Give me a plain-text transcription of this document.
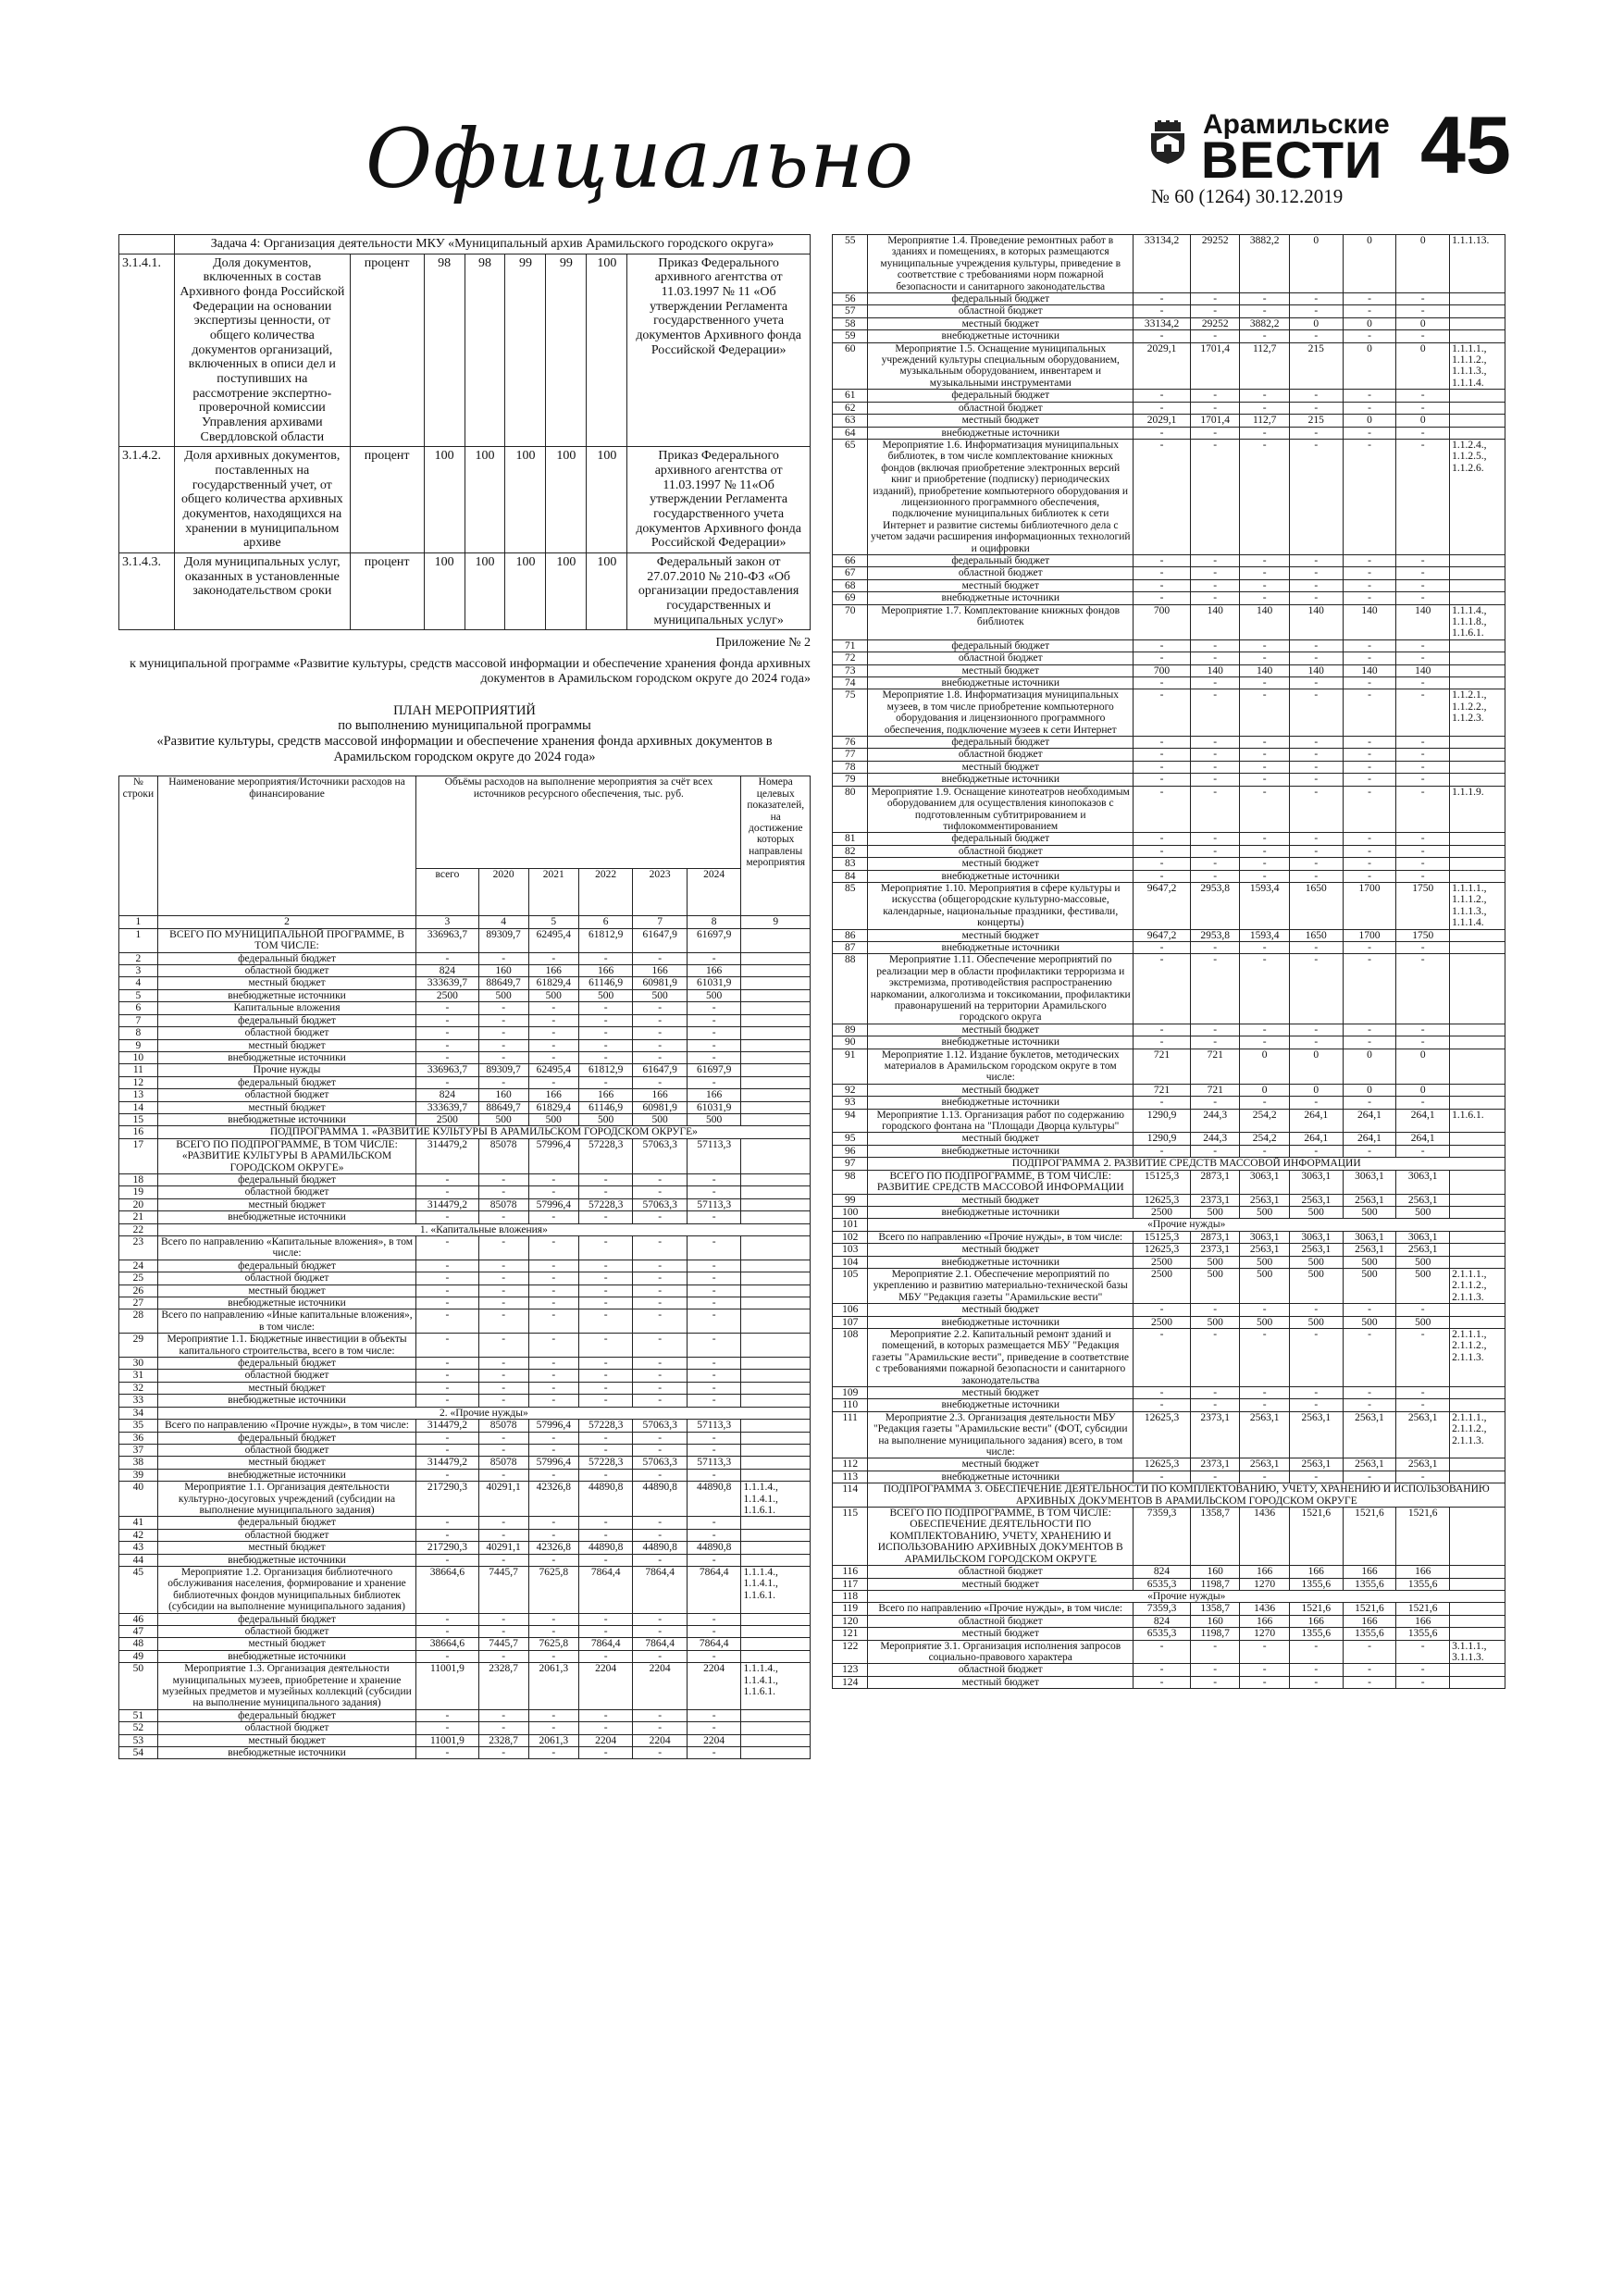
Официально	Арамильские
ВЕСТИ
№ 60 (1264) 30.12.2019
45
	Задача 4: Организация деятельности МКУ «Муниципальный архив Арамильского городского округа»							
3.1.4.1.	Доля документов, включенных в состав Архивного фонда Российской Федерации на основании экспертизы ценности, от общего количества документов организаций, включенных в описи дел и поступивших на рассмотрение экспертно-проверочной комиссии Управления архивами Свердловской области	процент	98	98	99	99	100	Приказ Федерального архивного агентства от 11.03.1997 № 11 «Об утверждении Регламента государственного учета документов Архивного фонда Российской Федерации»
3.1.4.2.	Доля архивных документов, поставленных на государственный учет, от общего количества архивных документов, находящихся на хранении в муниципальном архиве	процент	100	100	100	100	100	Приказ Федерального архивного агентства от 11.03.1997 № 11«Об утверждении Регламента государственного учета документов Архивного фонда Российской Федерации»
3.1.4.3.	Доля муниципальных услуг, оказанных в установленные законодательством сроки	процент	100	100	100	100	100	Федеральный закон от 27.07.2010 № 210-ФЗ «Об организации предоставления государственных и муниципальных услуг»
Приложение № 2
к муниципальной программе «Развитие культуры, средств массовой информации и обеспечение хранения фонда архивных документов в Арамильском городском округе до 2024 года»
ПЛАН МЕРОПРИЯТИЙ
по выполнению муниципальной программы
«Развитие культуры, средств массовой информации и обеспечение хранения фонда архивных документов в Арамильском городском округе до 2024 года»
№ строки	Наименование мероприятия/Источники расходов на финансирование	Объёмы расходов на выполнение мероприятия за счёт всех источников ресурсного обеспечения, тыс. руб.						Номера целевых показателей, на достижение которых направлены мероприятия
		всего	2020	2021	2022	2023	2024	
1	2	3	4	5	6	7	8	9
1	ВСЕГО ПО МУНИЦИПАЛЬНОЙ ПРОГРАММЕ, В ТОМ ЧИСЛЕ:	336963,7	89309,7	62495,4	61812,9	61647,9	61697,9	
2	федеральный бюджет	-	-	-	-	-	-	
3	областной бюджет	824	160	166	166	166	166	
4	местный бюджет	333639,7	88649,7	61829,4	61146,9	60981,9	61031,9	
5	внебюджетные источники	2500	500	500	500	500	500	
6	Капитальные вложения	-	-	-	-	-	-	
7	федеральный бюджет	-	-	-	-	-	-	
8	областной бюджет	-	-	-	-	-	-	
9	местный бюджет	-	-	-	-	-	-	
10	внебюджетные источники	-	-	-	-	-	-	
11	Прочие нужды	336963,7	89309,7	62495,4	61812,9	61647,9	61697,9	
12	федеральный бюджет	-	-	-	-	-	-	
13	областной бюджет	824	160	166	166	166	166	
14	местный бюджет	333639,7	88649,7	61829,4	61146,9	60981,9	61031,9	
15	внебюджетные источники	2500	500	500	500	500	500	
16	ПОДПРОГРАММА 1. «РАЗВИТИЕ КУЛЬТУРЫ В АРАМИЛЬСКОМ ГОРОДСКОМ ОКРУГЕ»							
17	ВСЕГО ПО ПОДПРОГРАММЕ, В ТОМ ЧИСЛЕ: «РАЗВИТИЕ КУЛЬТУРЫ В АРАМИЛЬСКОМ ГОРОДСКОМ ОКРУГЕ»	314479,2	85078	57996,4	57228,3	57063,3	57113,3	
18	федеральный бюджет	-	-	-	-	-	-	
19	областной бюджет	-	-	-	-	-	-	
20	местный бюджет	314479,2	85078	57996,4	57228,3	57063,3	57113,3	
21	внебюджетные источники	-	-	-	-	-	-	
22	1. «Капитальные вложения»							
23	Всего по направлению «Капитальные вложения», в том числе:	-	-	-	-	-	-	
24	федеральный бюджет	-	-	-	-	-	-	
25	областной бюджет	-	-	-	-	-	-	
26	местный бюджет	-	-	-	-	-	-	
27	внебюджетные источники	-	-	-	-	-	-	
28	Всего по направлению «Иные капитальные вложения», в том числе:	-	-	-	-	-	-	
29	Мероприятие 1.1. Бюджетные инвестиции в объекты капитального строительства, всего в том числе:	-	-	-	-	-	-	
30	федеральный бюджет	-	-	-	-	-	-	
31	областной бюджет	-	-	-	-	-	-	
32	местный бюджет	-	-	-	-	-	-	
33	внебюджетные источники	-	-	-	-	-	-	
34	2. «Прочие нужды»							
35	Всего по направлению «Прочие нужды», в том числе:	314479,2	85078	57996,4	57228,3	57063,3	57113,3	
36	федеральный бюджет	-	-	-	-	-	-	
37	областной бюджет	-	-	-	-	-	-	
38	местный бюджет	314479,2	85078	57996,4	57228,3	57063,3	57113,3	
39	внебюджетные источники	-	-	-	-	-	-	
40	Мероприятие 1.1. Организация деятельности культурно-досуговых учреждений (субсидии на выполнение муниципального задания)	217290,3	40291,1	42326,8	44890,8	44890,8	44890,8	1.1.1.4., 1.1.4.1., 1.1.6.1.
41	федеральный бюджет	-	-	-	-	-	-	
42	областной бюджет	-	-	-	-	-	-	
43	местный бюджет	217290,3	40291,1	42326,8	44890,8	44890,8	44890,8	
44	внебюджетные источники	-	-	-	-	-	-	
45	Мероприятие 1.2. Организация библиотечного обслуживания населения, формирование и хранение библиотечных фондов муниципальных библиотек (субсидии на выполнение муниципального задания)	38664,6	7445,7	7625,8	7864,4	7864,4	7864,4	1.1.1.4., 1.1.4.1., 1.1.6.1.
46	федеральный бюджет	-	-	-	-	-	-	
47	областной бюджет	-	-	-	-	-	-	
48	местный бюджет	38664,6	7445,7	7625,8	7864,4	7864,4	7864,4	
49	внебюджетные источники	-	-	-	-	-	-	
50	Мероприятие 1.3. Организация деятельности муниципальных музеев, приобретение и хранение музейных предметов и музейных коллекций (субсидии на выполнение муниципального задания)	11001,9	2328,7	2061,3	2204	2204	2204	1.1.1.4., 1.1.4.1., 1.1.6.1.
51	федеральный бюджет	-	-	-	-	-	-	
52	областной бюджет	-	-	-	-	-	-	
53	местный бюджет	11001,9	2328,7	2061,3	2204	2204	2204	
54	внебюджетные источники	-	-	-	-	-	-	
55	Мероприятие 1.4. Проведение ремонтных работ в зданиях и помещениях, в которых размещаются муниципальные учреждения культуры, приведение в соответствие с требованиями норм пожарной безопасности и санитарного законодательства	33134,2	29252	3882,2	0	0	0	1.1.1.13.
56	федеральный бюджет	-	-	-	-	-	-	
57	областной бюджет	-	-	-	-	-	-	
58	местный бюджет	33134,2	29252	3882,2	0	0	0	
59	внебюджетные источники	-	-	-	-	-	-	
60	Мероприятие 1.5. Оснащение муниципальных учреждений культуры специальным оборудованием, музыкальным оборудованием, инвентарем и музыкальными инструментами	2029,1	1701,4	112,7	215	0	0	1.1.1.1., 1.1.1.2., 1.1.1.3., 1.1.1.4.
61	федеральный бюджет	-	-	-	-	-	-	
62	областной бюджет	-	-	-	-	-	-	
63	местный бюджет	2029,1	1701,4	112,7	215	0	0	
64	внебюджетные источники	-	-	-	-	-	-	
65	Мероприятие 1.6. Информатизация муниципальных библиотек, в том числе комплектование книжных фондов (включая приобретение электронных версий книг и приобретение (подписку) периодических изданий), приобретение компьютерного оборудования и лицензионного программного обеспечения, подключение муниципальных библиотек к сети Интернет и развитие системы библиотечного дела с учетом задачи расширения информационных технологий и оцифровки	-	-	-	-	-	-	1.1.2.4., 1.1.2.5., 1.1.2.6.
66	федеральный бюджет	-	-	-	-	-	-	
67	областной бюджет	-	-	-	-	-	-	
68	местный бюджет	-	-	-	-	-	-	
69	внебюджетные источники	-	-	-	-	-	-	
70	Мероприятие 1.7. Комплектование книжных фондов библиотек	700	140	140	140	140	140	1.1.1.4., 1.1.1.8., 1.1.6.1.
71	федеральный бюджет	-	-	-	-	-	-	
72	областной бюджет	-	-	-	-	-	-	
73	местный бюджет	700	140	140	140	140	140	
74	внебюджетные источники	-	-	-	-	-	-	
75	Мероприятие 1.8. Информатизация муниципальных музеев, в том числе приобретение компьютерного оборудования и лицензионного программного обеспечения, подключение музеев к сети Интернет	-	-	-	-	-	-	1.1.2.1., 1.1.2.2., 1.1.2.3.
76	федеральный бюджет	-	-	-	-	-	-	
77	областной бюджет	-	-	-	-	-	-	
78	местный бюджет	-	-	-	-	-	-	
79	внебюджетные источники	-	-	-	-	-	-	
80	Мероприятие 1.9. Оснащение кинотеатров необходимым оборудованием для осуществления кинопоказов с подготовленным субтитрированием и тифлокомментированием	-	-	-	-	-	-	1.1.1.9.
81	федеральный бюджет	-	-	-	-	-	-	
82	областной бюджет	-	-	-	-	-	-	
83	местный бюджет	-	-	-	-	-	-	
84	внебюджетные источники	-	-	-	-	-	-	
85	Мероприятие 1.10. Мероприятия в сфере культуры и искусства (общегородские культурно-массовые, календарные, национальные праздники, фестивали, концерты)	9647,2	2953,8	1593,4	1650	1700	1750	1.1.1.1., 1.1.1.2., 1.1.1.3., 1.1.1.4.
86	местный бюджет	9647,2	2953,8	1593,4	1650	1700	1750	
87	внебюджетные источники	-	-	-	-	-	-	
88	Мероприятие 1.11. Обеспечение мероприятий по реализации мер в области профилактики терроризма и экстремизма, противодействия распространению наркомании, алкоголизма и токсикомании, профилактики правонарушений на территории Арамильского городского округа	-	-	-	-	-	-	
89	местный бюджет	-	-	-	-	-	-	
90	внебюджетные источники	-	-	-	-	-	-	
91	Мероприятие 1.12. Издание буклетов, методических материалов в Арамильском городском округе в том числе:	721	721	0	0	0	0	
92	местный бюджет	721	721	0	0	0	0	
93	внебюджетные источники	-	-	-	-	-	-	
94	Мероприятие 1.13. Организация работ по содержанию городского фонтана на "Площади Дворца культуры"	1290,9	244,3	254,2	264,1	264,1	264,1	1.1.6.1.
95	местный бюджет	1290,9	244,3	254,2	264,1	264,1	264,1	
96	внебюджетные источники	-	-	-	-	-	-	
97	ПОДПРОГРАММА 2. РАЗВИТИЕ СРЕДСТВ МАССОВОЙ ИНФОРМАЦИИ							
98	ВСЕГО ПО ПОДПРОГРАММЕ, В ТОМ ЧИСЛЕ: РАЗВИТИЕ СРЕДСТВ МАССОВОЙ ИНФОРМАЦИИ	15125,3	2873,1	3063,1	3063,1	3063,1	3063,1	
99	местный бюджет	12625,3	2373,1	2563,1	2563,1	2563,1	2563,1	
100	внебюджетные источники	2500	500	500	500	500	500	
101	«Прочие нужды»							
102	Всего по направлению «Прочие нужды», в том числе:	15125,3	2873,1	3063,1	3063,1	3063,1	3063,1	
103	местный бюджет	12625,3	2373,1	2563,1	2563,1	2563,1	2563,1	
104	внебюджетные источники	2500	500	500	500	500	500	
105	Мероприятие 2.1. Обеспечение мероприятий по укреплению и развитию материально-технической базы МБУ "Редакция газеты "Арамильские вести"	2500	500	500	500	500	500	2.1.1.1., 2.1.1.2., 2.1.1.3.
106	местный бюджет	-	-	-	-	-	-	
107	внебюджетные источники	2500	500	500	500	500	500	
108	Мероприятие 2.2. Капитальный ремонт зданий и помещений, в которых размещается МБУ "Редакция газеты "Арамильские вести", приведение в соответствие с требованиями пожарной безопасности и санитарного законодательства	-	-	-	-	-	-	2.1.1.1., 2.1.1.2., 2.1.1.3.
109	местный бюджет	-	-	-	-	-	-	
110	внебюджетные источники	-	-	-	-	-	-	
111	Мероприятие 2.3. Организация деятельности МБУ "Редакция газеты "Арамильские вести" (ФОТ, субсидии на выполнение муниципального задания) всего, в том числе:	12625,3	2373,1	2563,1	2563,1	2563,1	2563,1	2.1.1.1., 2.1.1.2., 2.1.1.3.
112	местный бюджет	12625,3	2373,1	2563,1	2563,1	2563,1	2563,1	
113	внебюджетные источники	-	-	-	-	-	-	
114	ПОДПРОГРАММА 3. ОБЕСПЕЧЕНИЕ ДЕЯТЕЛЬНОСТИ ПО КОМПЛЕКТОВАНИЮ, УЧЕТУ, ХРАНЕНИЮ И ИСПОЛЬЗОВАНИЮ АРХИВНЫХ ДОКУМЕНТОВ В АРАМИЛЬСКОМ ГОРОДСКОМ ОКРУГЕ							
115	ВСЕГО ПО ПОДПРОГРАММЕ, В ТОМ ЧИСЛЕ: ОБЕСПЕЧЕНИЕ ДЕЯТЕЛЬНОСТИ ПО КОМПЛЕКТОВАНИЮ, УЧЕТУ, ХРАНЕНИЮ И ИСПОЛЬЗОВАНИЮ АРХИВНЫХ ДОКУМЕНТОВ В АРАМИЛЬСКОМ ГОРОДСКОМ ОКРУГЕ	7359,3	1358,7	1436	1521,6	1521,6	1521,6	
116	областной бюджет	824	160	166	166	166	166	
117	местный бюджет	6535,3	1198,7	1270	1355,6	1355,6	1355,6	
118	«Прочие нужды»							
119	Всего по направлению «Прочие нужды», в том числе:	7359,3	1358,7	1436	1521,6	1521,6	1521,6	
120	областной бюджет	824	160	166	166	166	166	
121	местный бюджет	6535,3	1198,7	1270	1355,6	1355,6	1355,6	
122	Мероприятие 3.1. Организация исполнения запросов социально-правового характера	-	-	-	-	-	-	3.1.1.1., 3.1.1.3.
123	областной бюджет	-	-	-	-	-	-	
124	местный бюджет	-	-	-	-	-	-	
